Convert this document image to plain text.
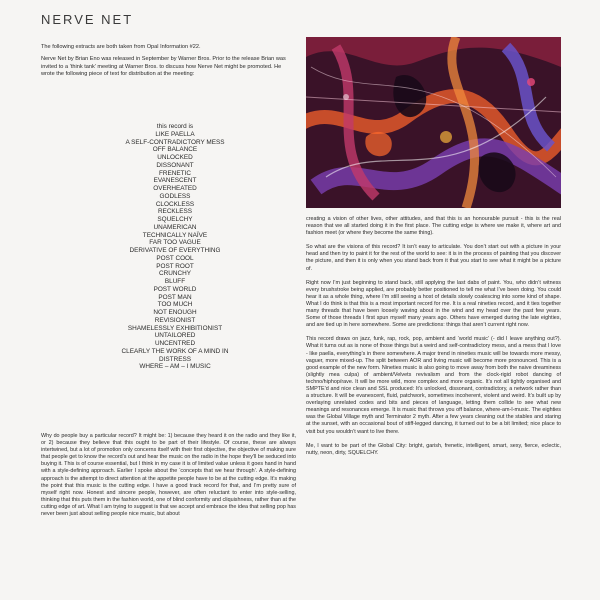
NERVE NET

The following extracts are both taken from Opal Information #22.

Nerve Net by Brian Eno was released in September by Warner Bros. Prior to the release Brian was invited to a ‘think tank’ meeting at Warner Bros. to discuss how Nerve Net might be promoted. He wrote the following piece of text for distribution at the meeting:

this record is
LIKE PAELLA
A SELF-CONTRADICTORY MESS
OFF BALANCE
UNLOCKED
DISSONANT
FRENETIC
EVANESCENT
OVERHEATED
GODLESS
CLOCKLESS
RECKLESS
SQUELCHY
UNAMERICAN
TECHNICALLY NAÏVE
FAR TOO VAGUE
DERIVATIVE OF EVERYTHING
POST COOL
POST ROOT
CRUNCHY
BLUFF
POST WORLD
POST MAN
TOO MUCH
NOT ENOUGH
REVISIONIST
SHAMELESSLY EXHIBITIONIST
UNTAILORED
UNCENTRED
CLEARLY THE WORK OF A MIND IN DISTRESS
WHERE – AM – I MUSIC

Why do people buy a particular record? It might be: 1) because they heard it on the radio and they like it, or 2) because they believe that this ought to be part of their lifestyle. Of course, these are always intertwined, but a lot of promotion only concerns itself with their first objective, the objective of making sure that people get to know the record’s out and hear the music on the radio in the hope they’ll be seduced into buying it. This is of course essential, but I think in my case it is of limited value unless it goes hand in hand with a style-defining approach. Earlier I spoke about the ‘concepts that we hear through’. A style-defining approach is the attempt to direct attention at the appetite people have to be at the cutting edge. It’s making the point that this music is the cutting edge. I have a good track record for that, and I’m pretty sure of myself right now. Honest and sincere people, however, are often reluctant to enter into style-selling, thinking that this puts them in the fashion world, one of blind conformity and cliquishness, rather than at the cutting edge of art. What I am trying to suggest is that we accept and embrace the idea that selling pop has never been just about selling people nice music, but about

creating a vision of other lives, other attitudes, and that this is an honourable pursuit - this is the real reason that we all started doing it in the first place. The cutting edge is where we make it, where art and fashion meet (or where they become the same thing).

So what are the visions of this record? It isn’t easy to articulate. You don’t start out with a picture in your head and then try to paint it for the rest of the world to see: it is in the process of painting that you discover the picture, and then it is only when you stand back from it that you start to see what it might be a picture of.

Right now I’m just beginning to stand back, still applying the last dabs of paint. You, who didn’t witness every brushstroke being applied, are probably better positioned to tell me what I’ve been doing. You could hear it as a whole thing, where I’m still seeing a host of details slowly coalescing into some kind of shape. What I do think is that this is a most important record for me. It is a real nineties record, and it ties together many threads that have been loosely waving about in the wind and my head over the past few years. Some of those threads I first spun myself many years ago. Others have emerged during the late eighties, and are tied up in here somewhere. Some are predictions: things that aren’t current right now.

This record draws on jazz, funk, rap, rock, pop, ambient and ‘world music’ (- did I leave anything out?). What it turns out as is none of those things but a weird and self-contradictory mess, and a mess that I love - like paella, everything’s in there somewhere. A major trend in nineties music will be towards more messy, vaguer, more mixed-up. The split between AOR and living music will become more pronounced. This is a good example of the new form. Nineties music is also going to move away from both the naive dreaminess (slightly mea culpa) of ambient/Velvets revivalism and from the clock-rigid robot dancing of techno/hiphop/rave. It will be more wild, more complex and more organic. It’s not all tightly organised and SMPTE’d and nice clean and SSL produced: It’s unlocked, dissonant, contradictory, a network rather than a structure. It will be evanescent, fluid, patchwork, sometimes incoherent, violent and weird. It’s built up by overlaying unrelated codes and bits and pieces of language, letting them collide to see what new meanings and resonances emerge. It is music that throws you off balance, where-am-I-music. The eighties was the Global Village myth and Terminator 2 myth. After a few years cleaning out the stables and staring at the sunset, with an occasional bout of stiff-legged dancing, it turned out to be a bit limited; nice place to visit but you wouldn’t want to live there.

Me, I want to be part of the Global City: bright, garish, frenetic, intelligent, smart, sexy, fierce, eclectic, nutty, neon, dirty, SQUELCHY.
